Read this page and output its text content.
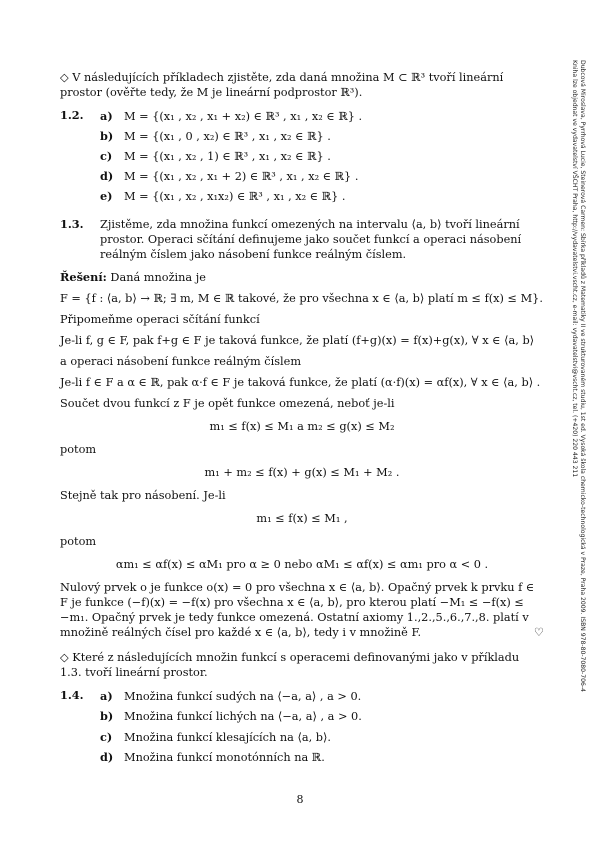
◇ V následujících příkladech zjistěte, zda daná množina M ⊂ ℝ³ tvoří lineární prostor (ověřte tedy, že M je lineární podprostor ℝ³).

1.2.	a)	M = {(x₁ , x₂ , x₁ + x₂) ∈ ℝ³ , x₁ , x₂ ∈ ℝ} .
b) M = {(x₁ , 0 , x₂) ∈ ℝ³ , x₁ , x₂ ∈ ℝ} .
c)	M = {(x₁ , x₂ , 1) ∈ ℝ³ , x₁ , x₂ ∈ ℝ} .
d) M = {(x₁ , x₂ , x₁ + 2) ∈ ℝ³ , x₁ , x₂ ∈ ℝ} .
e)	M = {(x₁ , x₂ , x₁x₂) ∈ ℝ³ , x₁ , x₂ ∈ ℝ} .
1.3.	Zjistěme, zda množina funkcí omezených na intervalu ⟨a, b⟩ tvoří lineární prostor. Operaci sčítání definujeme jako součet funkcí a operaci násobení reálným číslem jako násobení funkce reálným číslem.

Řešení: Daná množina je

F = {f : ⟨a, b⟩ → ℝ; ∃ m, M ∈ ℝ takové, že pro všechna x ∈ ⟨a, b⟩ platí m ≤ f(x) ≤ M}.

Připomeňme operaci sčítání funkcí

Je-li f, g ∈ F, pak f+g ∈ F je taková funkce, že platí (f+g)(x) = f(x)+g(x), ∀ x ∈ ⟨a, b⟩

a operaci násobení funkce reálným číslem

Je-li f ∈ F a α ∈ ℝ, pak α·f ∈ F je taková funkce, že platí (α·f)(x) = αf(x), ∀ x ∈ ⟨a, b⟩ .

Součet dvou funkcí z F je opět funkce omezená, neboť je-li

m₁ ≤ f(x) ≤ M₁ a m₂ ≤ g(x) ≤ M₂

potom

m₁ + m₂ ≤ f(x) + g(x) ≤ M₁ + M₂ .

Stejně tak pro násobení. Je-li

m₁ ≤ f(x) ≤ M₁ ,

potom

αm₁ ≤ αf(x) ≤ αM₁ pro α ≥ 0 nebo αM₁ ≤ αf(x) ≤ αm₁ pro α < 0 .

Nulový prvek o je funkce o(x) = 0 pro všechna x ∈ ⟨a, b⟩. Opačný prvek k prvku f ∈ F je funkce (−f)(x) = −f(x) pro všechna x ∈ ⟨a, b⟩, pro kterou platí −M₁ ≤ −f(x) ≤ −m₁. Opačný prvek je tedy funkce omezená. Ostatní axiomy 1.,2.,5.,6.,7.,8. platí v množině reálných čísel pro každé x ∈ ⟨a, b⟩, tedy i v množině F.	♡

◇ Které z následujících množin funkcí s operacemi definovanými jako v příkladu 1.3. tvoří lineární prostor.

1.4.	a)	Množina funkcí sudých na ⟨−a, a⟩ , a > 0.
b) Množina funkcí lichých na ⟨−a, a⟩ , a > 0.
c)	Množina funkcí klesajících na ⟨a, b⟩.
d) Množina funkcí monotónních na ℝ.
8
Dubcová Miroslava, Pyrrhová Lucie, Steinerová Carmen: Sbírka příkladů z Matematiky II ve strukturovaném studiu, 1st ed. Vysoká škola chemicko-technologická v Praze, Praha 2009. ISBN 978-80-7080-706-4
Kniha lze objednat ve vydavatelství VŠCHT Praha, http://vydavatelstvi.vscht.cz, e-mail: vydavatelstvi@vscht.cz, tel. (+420) 220 443 211
